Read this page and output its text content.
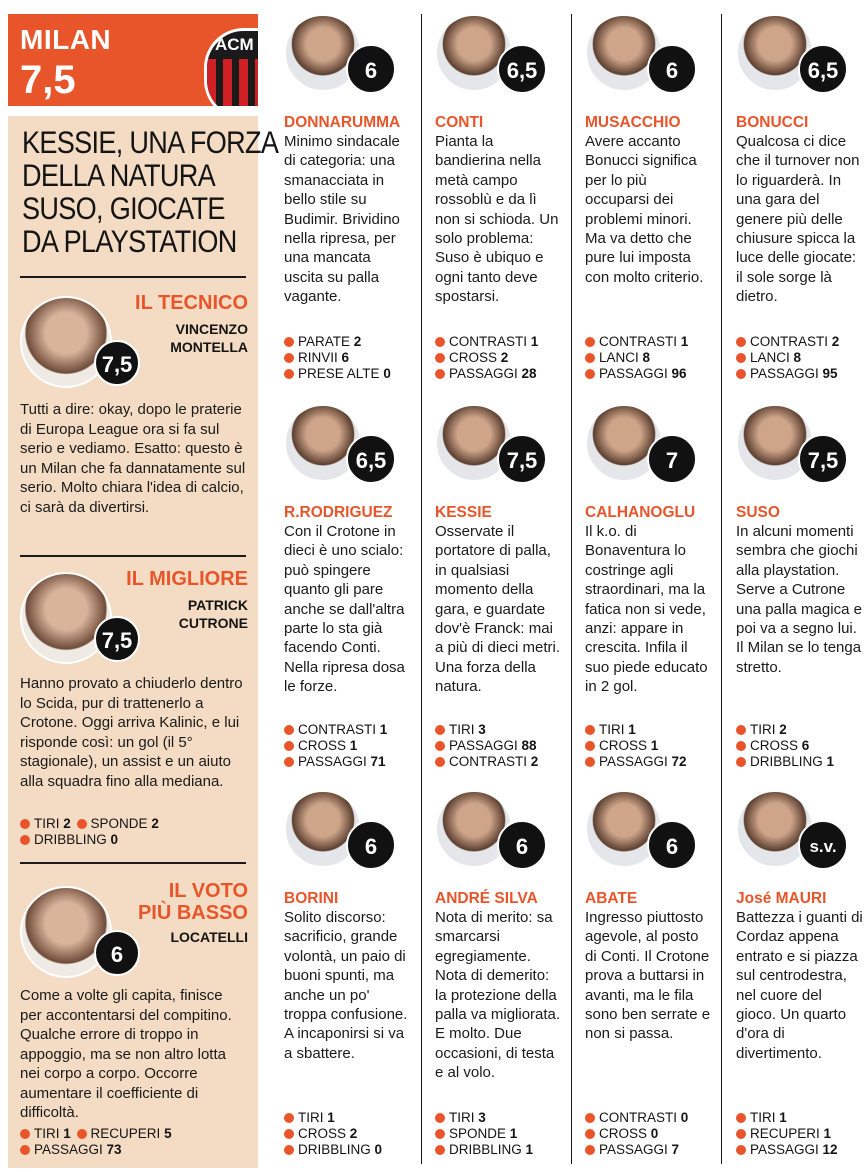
MILAN
7,5
ACM
KESSIE, UNA FORZA
DELLA NATURA
SUSO, GIOCATE
DA PLAYSTATION
7,5
IL TECNICO
VINCENZO
MONTELLA
Tutti a dire: okay, dopo le praterie di Europa League ora si fa sul serio e vediamo. Esatto: questo è un Milan che fa dannatamente sul serio. Molto chiara l'idea di calcio, ci sarà da divertirsi.
7,5
IL MIGLIORE
PATRICK
CUTRONE
Hanno provato a chiuderlo dentro lo Scida, pur di trattenerlo a Crotone. Oggi arriva Kalinic, e lui risponde così: un gol (il 5° stagionale), un assist e un aiuto alla squadra fino alla mediana.
TIRI 2 SPONDE 2
DRIBBLING 0
6
IL VOTO
PIÙ BASSO
LOCATELLI
Come a volte gli capita, finisce per accontentarsi del compitino. Qualche errore di troppo in appoggio, ma se non altro lotta nei corpo a corpo. Occorre aumentare il coefficiente di difficoltà.
TIRI 1 RECUPERI 5
PASSAGGI 73
6
DONNARUMMA
Minimo sindacale di categoria: una smanacciata in bello stile su Budimir. Brividino nella ripresa, per una mancata uscita su palla vagante.
PARATE 2
RINVII 6
PRESE ALTE 0
6,5
CONTI
Pianta la bandierina nella metà campo rossoblù e da lì non si schioda. Un solo problema: Suso è ubiquo e ogni tanto deve spostarsi.
CONTRASTI 1
CROSS 2
PASSAGGI 28
6
MUSACCHIO
Avere accanto Bonucci significa per lo più occuparsi dei problemi minori. Ma va detto che pure lui imposta con molto criterio.
CONTRASTI 1
LANCI 8
PASSAGGI 96
6,5
BONUCCI
Qualcosa ci dice che il turnover non lo riguarderà. In una gara del genere più delle chiusure spicca la luce delle giocate: il sole sorge là dietro.
CONTRASTI 2
LANCI 8
PASSAGGI 95
6,5
R.RODRIGUEZ
Con il Crotone in dieci è uno scialo: può spingere quanto gli pare anche se dall'altra parte lo sta già facendo Conti. Nella ripresa dosa le forze.
CONTRASTI 1
CROSS 1
PASSAGGI 71
7,5
KESSIE
Osservate il portatore di palla, in qualsiasi momento della gara, e guardate dov'è Franck: mai a più di dieci metri. Una forza della natura.
TIRI 3
PASSAGGI 88
CONTRASTI 2
7
CALHANOGLU
Il k.o. di Bonaventura lo costringe agli straordinari, ma la fatica non si vede, anzi: appare in crescita. Infila il suo piede educato in 2 gol.
TIRI 1
CROSS 1
PASSAGGI 72
7,5
SUSO
In alcuni momenti sembra che giochi alla playstation. Serve a Cutrone una palla magica e poi va a segno lui. Il Milan se lo tenga stretto.
TIRI 2
CROSS 6
DRIBBLING 1
6
BORINI
Solito discorso: sacrificio, grande volontà, un paio di buoni spunti, ma anche un po' troppa confusione. A incaponirsi si va a sbattere.
TIRI 1
CROSS 2
DRIBBLING 0
6
ANDRÉ SILVA
Nota di merito: sa smarcarsi egregiamente. Nota di demerito: la protezione della palla va migliorata. E molto. Due occasioni, di testa e al volo.
TIRI 3
SPONDE 1
DRIBBLING 1
6
ABATE
Ingresso piuttosto agevole, al posto di Conti. Il Crotone prova a buttarsi in avanti, ma le fila sono ben serrate e non si passa.
CONTRASTI 0
CROSS 0
PASSAGGI 7
s.v.
José MAURI
Battezza i guanti di Cordaz appena entrato e si piazza sul centrodestra, nel cuore del gioco. Un quarto d'ora di divertimento.
TIRI 1
RECUPERI 1
PASSAGGI 12
